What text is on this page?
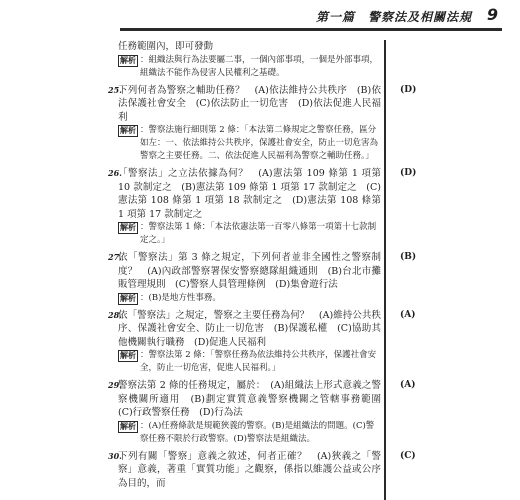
第一篇　警察法及相關法規 9
任務範圍內，即可發動
解析 ：組織法與行為法要屬二事，一個內部事項，一個是外部事項，組織法不能作為侵害人民權利之基礎。
25.
下列何者為警察之輔助任務？　(A)依法維持公共秩序　(B)依法保護社會安全　(C)依法防止一切危害　(D)依法促進人民福利
(D)
解析 ：警察法施行細則第 2 條：「本法第二條規定之警察任務，區分如左：一、依法維持公共秩序，保護社會安全，防止一切危害為警察之主要任務。二、依法促進人民福利為警察之輔助任務。」
26.
「警察法」之立法依據為何？　(A)憲法第 109 條第 1 項第 10 款制定之　(B)憲法第 109 條第 1 項第 17 款制定之　(C)憲法第 108 條第 1 項第 18 款制定之　(D)憲法第 108 條第 1 項第 17 款制定之
(D)
解析 ：警察法第 1 條：「本法依憲法第一百零八條第一項第十七款制定之。」
27.
依「警察法」第 3 條之規定，下列何者並非全國性之警察制度？　(A)內政部警察署保安警察總隊組織通則　(B)台北市攤販管理規則　(C)警察人員管理條例　(D)集會遊行法
(B)
解析 ：(B)是地方性事務。
28.
依「警察法」之規定，警察之主要任務為何？　(A)維持公共秩序、保護社會安全、防止一切危害　(B)保護私權　(C)協助其他機關執行職務　(D)促進人民福利
(A)
解析 ：警察法第 2 條：「警察任務為依法維持公共秩序，保護社會安全，防止一切危害，促進人民福利。」
29.
警察法第 2 條的任務規定，屬於：　(A)組織法上形式意義之警察機關所適用　(B)劃定實質意義警察機關之管轄事務範圍　(C)行政警察任務　(D)行為法
(A)
解析 ：(A)任務條款是規範狹義的警察。(B)是組織法的問題。(C)警察任務不限於行政警察。(D)警察法是組織法。
30.
下列有關「警察」意義之敘述，何者正確？　(A)狹義之「警察」意義，著重「實質功能」之觀察，係指以維護公益或公序為目的，而
(C)
